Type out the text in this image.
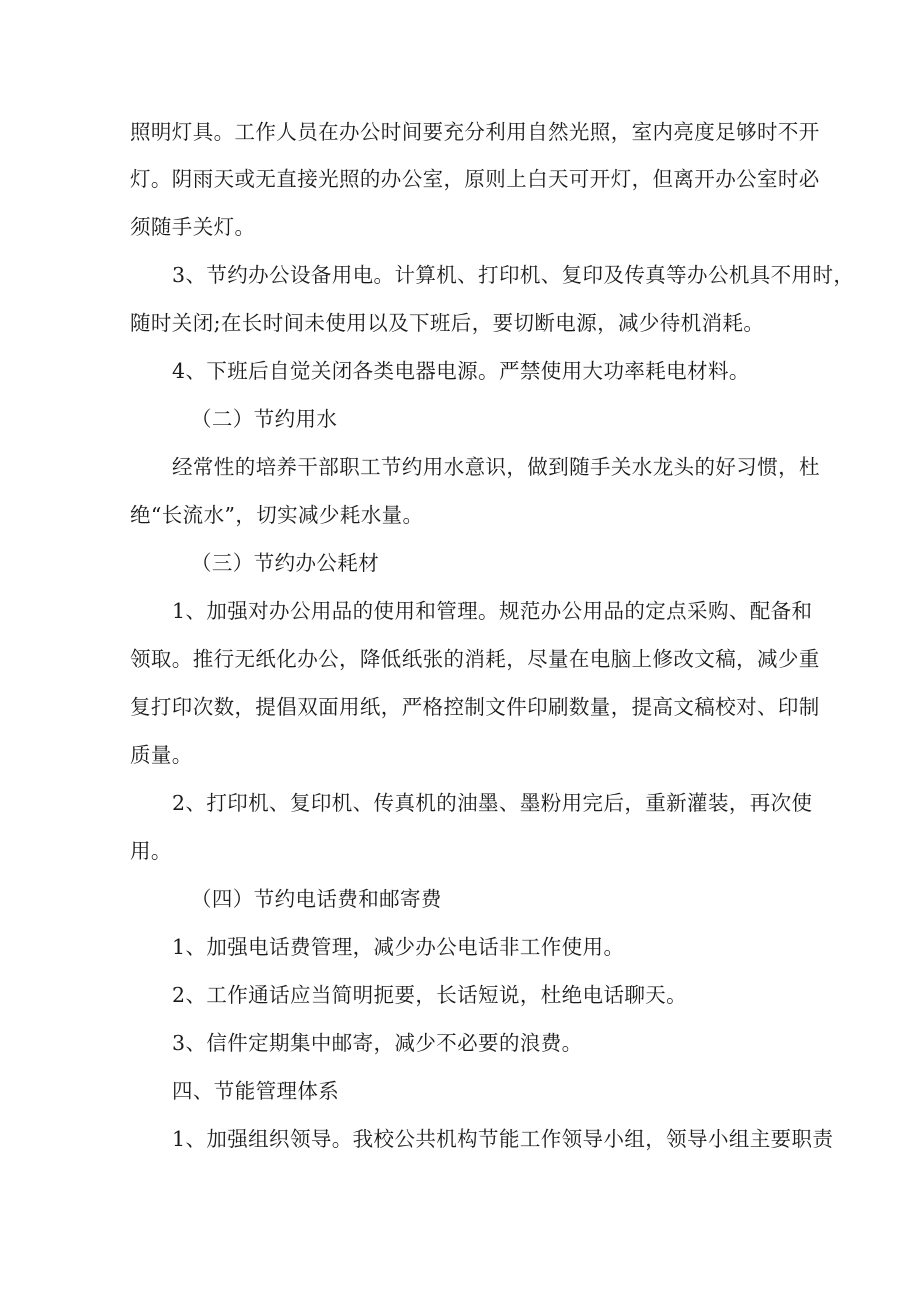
照明灯具。工作人员在办公时间要充分利用自然光照，室内亮度足够时不开
灯。阴雨天或无直接光照的办公室，原则上白天可开灯，但离开办公室时必
须随手关灯。
3、节约办公设备用电。计算机、打印机、复印及传真等办公机具不用时，
随时关闭;在长时间未使用以及下班后，要切断电源，减少待机消耗。
4、下班后自觉关闭各类电器电源。严禁使用大功率耗电材料。
（二）节约用水
经常性的培养干部职工节约用水意识，做到随手关水龙头的好习惯，杜
绝“长流水”，切实减少耗水量。
（三）节约办公耗材
1、加强对办公用品的使用和管理。规范办公用品的定点采购、配备和
领取。推行无纸化办公，降低纸张的消耗，尽量在电脑上修改文稿，减少重
复打印次数，提倡双面用纸，严格控制文件印刷数量，提高文稿校对、印制
质量。
2、打印机、复印机、传真机的油墨、墨粉用完后，重新灌装，再次使
用。
（四）节约电话费和邮寄费
1、加强电话费管理，减少办公电话非工作使用。
2、工作通话应当简明扼要，长话短说，杜绝电话聊天。
3、信件定期集中邮寄，减少不必要的浪费。
四、节能管理体系
1、加强组织领导。我校公共机构节能工作领导小组，领导小组主要职责
